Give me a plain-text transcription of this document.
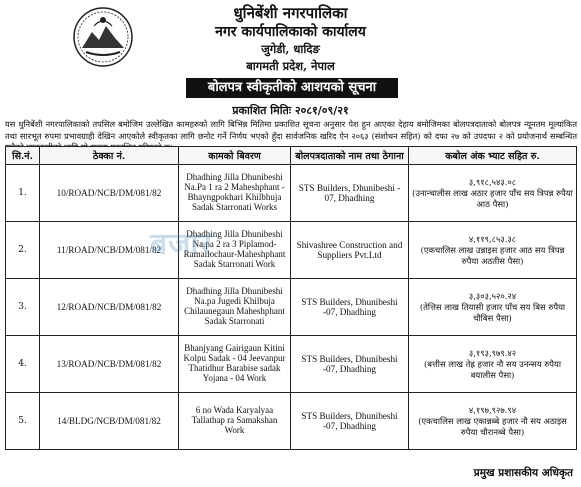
धुनिबेंशी नगरपालिका
नगर कार्यपालिकाको कार्यालय
जुगेडी, धादिङ
बागमती प्रदेश, नेपाल
बोलपत्र स्वीकृतीको आशयको सूचना
प्रकाशित मितिः २०८१/०९/२१
यस धुनिबेंशी नगरपालिकाको तपसिल बमोजिम उल्लेखित कामहरुको लागि बिभिन्न मितिमा प्रकाशित सूचना अनुसार पेश हुन आएका देहाय बमोजिमका बोलपत्रदाताको बोलपत्र न्यूनतम मूल्यांकित तथा सारभूत रुपमा प्रभावग्राही देखिन आएकोले स्वीकृतका लागि छनोट गर्ने निर्णय भएको हुँदा सार्वजनिक खरिद ऐन २०६३ (संशोधन सहित) को दफा २७ को उपदफा २ को प्रयोजनार्थ सम्बन्धित
सि.नं.	ठेक्का नं.	कामको बिवरण	बोलपत्रदाताको नाम तथा ठेगाना	कबोल अंक भ्याट सहित रु.
1.	10/ROAD/NCB/DM/081/82	Dhadhing Jilla Dhunibeshi Na.Pa 1 ra 2 Maheshphant - Bhayngpokhari Khilbhuja Sadak Starronati Works	STS Builders, Dhunibeshi - 07, Dhadhing	३,९१८,५४३.०८
(उनान्चालीस लाख अठार हजार पाँच सय त्रिपन्न रुपैया आठ पैसा)
2.	11/ROAD/NCB/DM/081/82	Dhadhing Jilla Dhunibeshi Na.pa 2 ra 3 Piplamod-Ramailochaur-Maheshphant Sadak Starronati Work	Shivashree Construction and Suppliers Pvt.Ltd	४,११९,८५३.३८
(एकचालिस लाख उन्नाइस हजार आठ सय त्रिपन्न रुपैया अठतीस पैसा)
3.	12/ROAD/NCB/DM/081/82	Dhadhing Jilla Dhunibeshi Na.pa Jugedi Khilbuja Chilaunegaun Maheshphant Sadak Starronati	STS Builders, Dhunibeshi -07, Dhadhing	३,३०३,५२०.२४
(तेत्तिस लाख तियासी हजार पाँच सय बिस रुपैया चौबिस पैसा)
4.	13/ROAD/NCB/DM/081/82	Bhanjyang Gairigaun Kitini Kolpu Sadak - 04 Jeevanpur Thatidhur Barabise sadak Yojana - 04 Work	STS Builders, Dhunibeshi -07, Dhadhing	३,१९३,९७९.४२
(बत्तीस लाख तेह्र हजार नौ सय उनन्सय रुपैया बयालीस पैसा)
5.	14/BLDG/NCB/DM/081/82	6 no Wada Karyalyaa Tallathap ra Samakshan Work	STS Builders, Dhunibeshi -07, Dhadhing	४,१९७,९२७.९४
(एकचालिस लाख एकान्नब्बे हजार नौ सय अठाइस रुपैया चौरानब्बे पैसा)
बजार
प्रमुख प्रशासकीय अधिकृत
